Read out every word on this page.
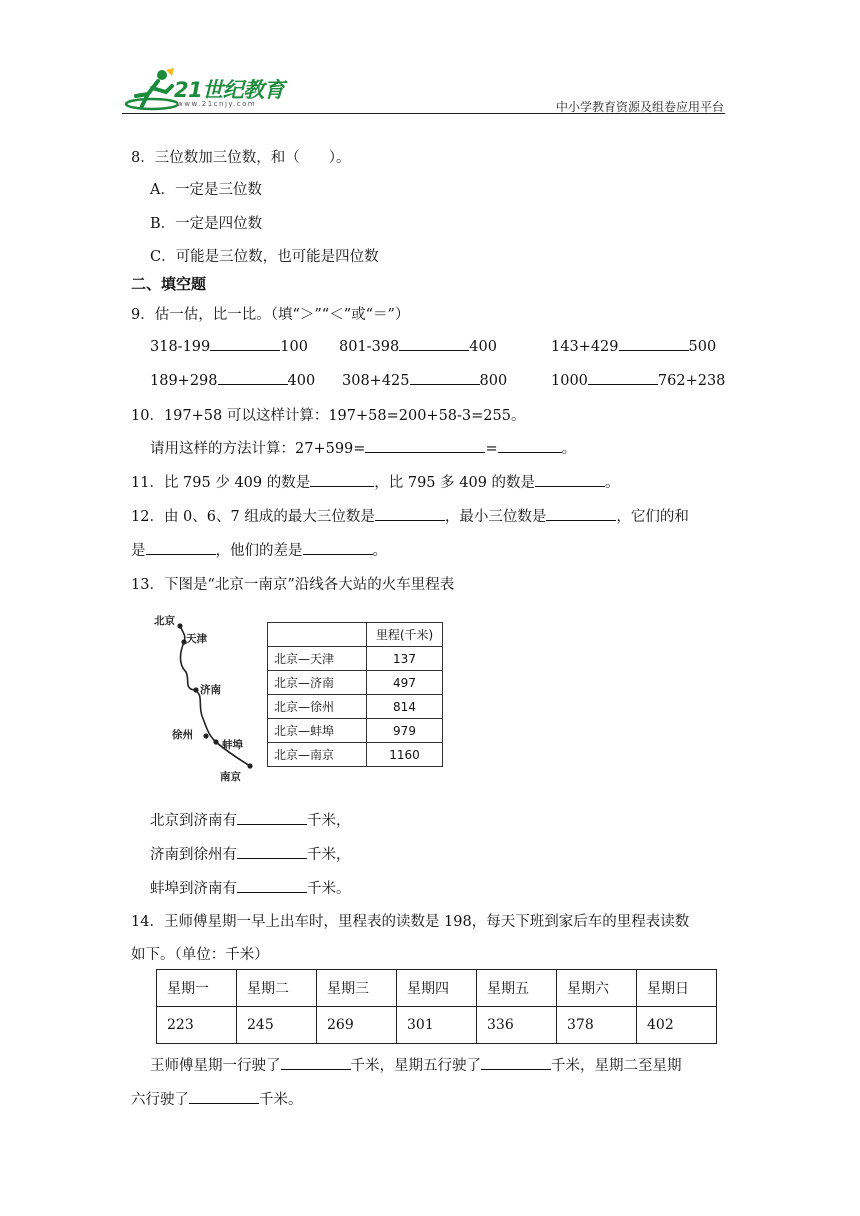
21世纪教育
www.21cnjy.com	中小学教育资源及组卷应用平台
8．三位数加三位数，和（　　）。
A．一定是三位数
B．一定是四位数
C．可能是三位数，也可能是四位数
二、填空题
9．估一估，比一比。（填“＞”“＜”或“＝”）
318-199	100 801-398	400	143+429	500
189+298	400 308+425	800	1000	762+238
10．197+58 可以这样计算：197+58=200+58-3=255。
请用这样的方法计算：27+599=	=	。
11．比 795 少 409 的数是	，比 795 多 409 的数是	。
12．由 0、6、7 组成的最大三位数是	，最小三位数是	，它们的和
是	，他们的差是	。
13．下图是“北京一南京”沿线各大站的火车里程表
北京
天津
济南
徐州
蚌埠
南京
	里程(千米)
北京—天津	137
北京—济南	497
北京—徐州	814
北京—蚌埠	979
北京—南京	1160
北京到济南有	千米，
济南到徐州有	千米，
蚌埠到济南有	千米。
14．王师傅星期一早上出车时，里程表的读数是 198，每天下班到家后车的里程表读数
如下。（单位：千米）
星期一	星期二	星期三	星期四	星期五	星期六	星期日
223	245	269	301	336	378	402
王师傅星期一行驶了	千米，星期五行驶了	千米，星期二至星期
六行驶了	千米。
